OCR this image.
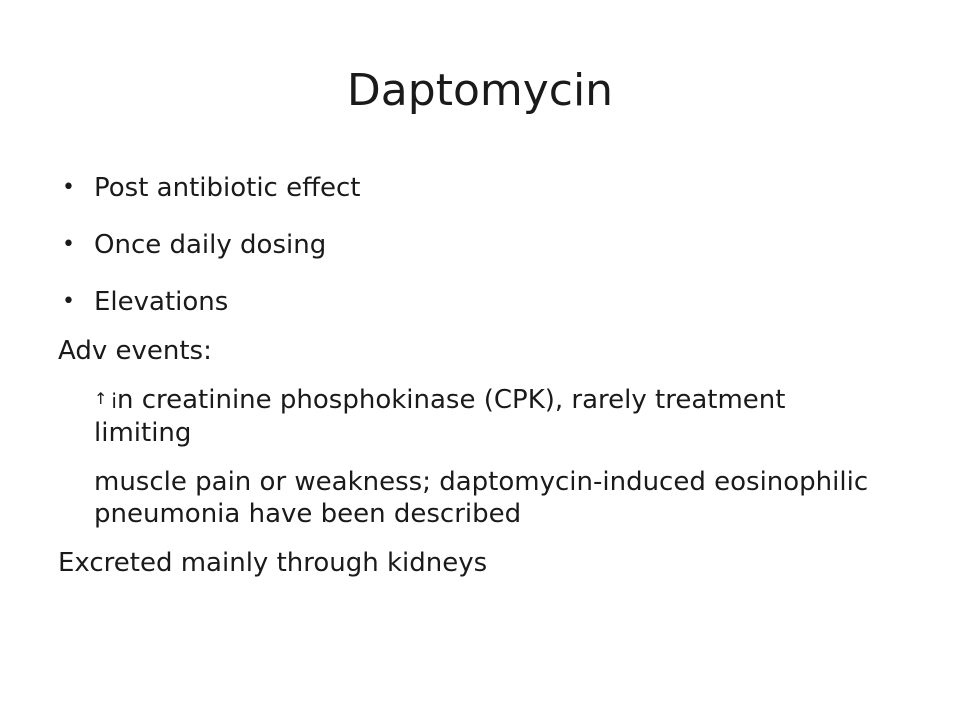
Daptomycin
• Post antibiotic effect
• Once daily dosing
• Elevations
Adv events:
↑ in creatinine phosphokinase (CPK), rarely treatment limiting
muscle pain or weakness; daptomycin-induced eosinophilic pneumonia have been described
Excreted mainly through kidneys
